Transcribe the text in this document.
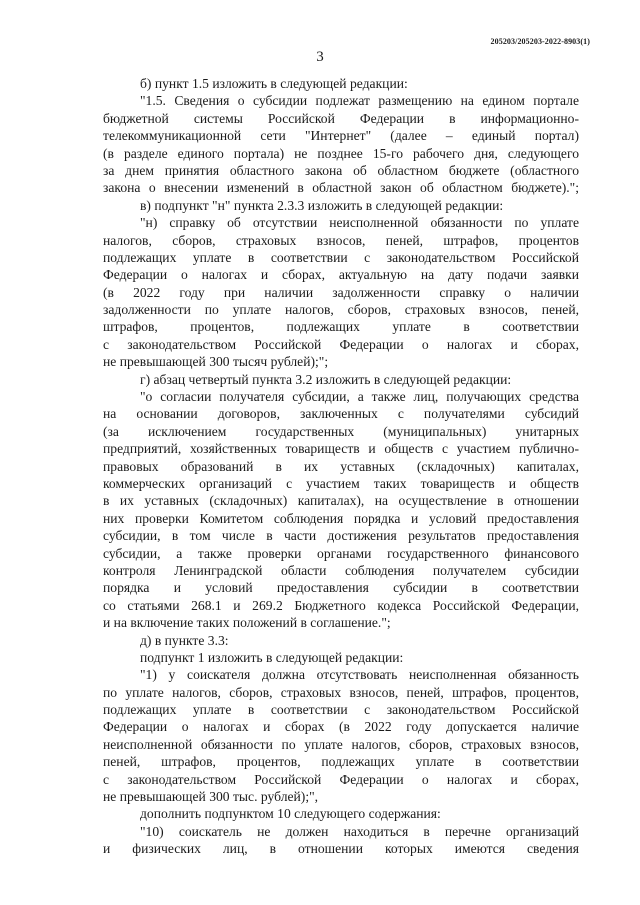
205203/205203-2022-8903(1)
3
б) пункт 1.5 изложить в следующей редакции:
"1.5. Сведения о субсидии подлежат размещению на едином портале
бюджетной системы Российской Федерации в информационно-
телекоммуникационной сети "Интернет" (далее – единый портал)
(в разделе единого портала) не позднее 15-го рабочего дня, следующего
за днем принятия областного закона об областном бюджете (областного
закона о внесении изменений в областной закон об областном бюджете).";
в) подпункт "н" пункта 2.3.3 изложить в следующей редакции:
"н) справку об отсутствии неисполненной обязанности по уплате
налогов, сборов, страховых взносов, пеней, штрафов, процентов
подлежащих уплате в соответствии с законодательством Российской
Федерации о налогах и сборах, актуальную на дату подачи заявки
(в 2022 году при наличии задолженности справку о наличии
задолженности по уплате налогов, сборов, страховых взносов, пеней,
штрафов, процентов, подлежащих уплате в соответствии
с законодательством Российской Федерации о налогах и сборах,
не превышающей 300 тысяч рублей);";
г) абзац четвертый пункта 3.2 изложить в следующей редакции:
"о согласии получателя субсидии, а также лиц, получающих средства
на основании договоров, заключенных с получателями субсидий
(за исключением государственных (муниципальных) унитарных
предприятий, хозяйственных товариществ и обществ с участием публично-
правовых образований в их уставных (складочных) капиталах,
коммерческих организаций с участием таких товариществ и обществ
в их уставных (складочных) капиталах), на осуществление в отношении
них проверки Комитетом соблюдения порядка и условий предоставления
субсидии, в том числе в части достижения результатов предоставления
субсидии, а также проверки органами государственного финансового
контроля Ленинградской области соблюдения получателем субсидии
порядка и условий предоставления субсидии в соответствии
со статьями 268.1 и 269.2 Бюджетного кодекса Российской Федерации,
и на включение таких положений в соглашение.";
д) в пункте 3.3:
подпункт 1 изложить в следующей редакции:
"1) у соискателя должна отсутствовать неисполненная обязанность
по уплате налогов, сборов, страховых взносов, пеней, штрафов, процентов,
подлежащих уплате в соответствии с законодательством Российской
Федерации о налогах и сборах (в 2022 году допускается наличие
неисполненной обязанности по уплате налогов, сборов, страховых взносов,
пеней, штрафов, процентов, подлежащих уплате в соответствии
с законодательством Российской Федерации о налогах и сборах,
не превышающей 300 тыс. рублей);",
дополнить подпунктом 10 следующего содержания:
"10) соискатель не должен находиться в перечне организаций
и физических лиц, в отношении которых имеются сведения
